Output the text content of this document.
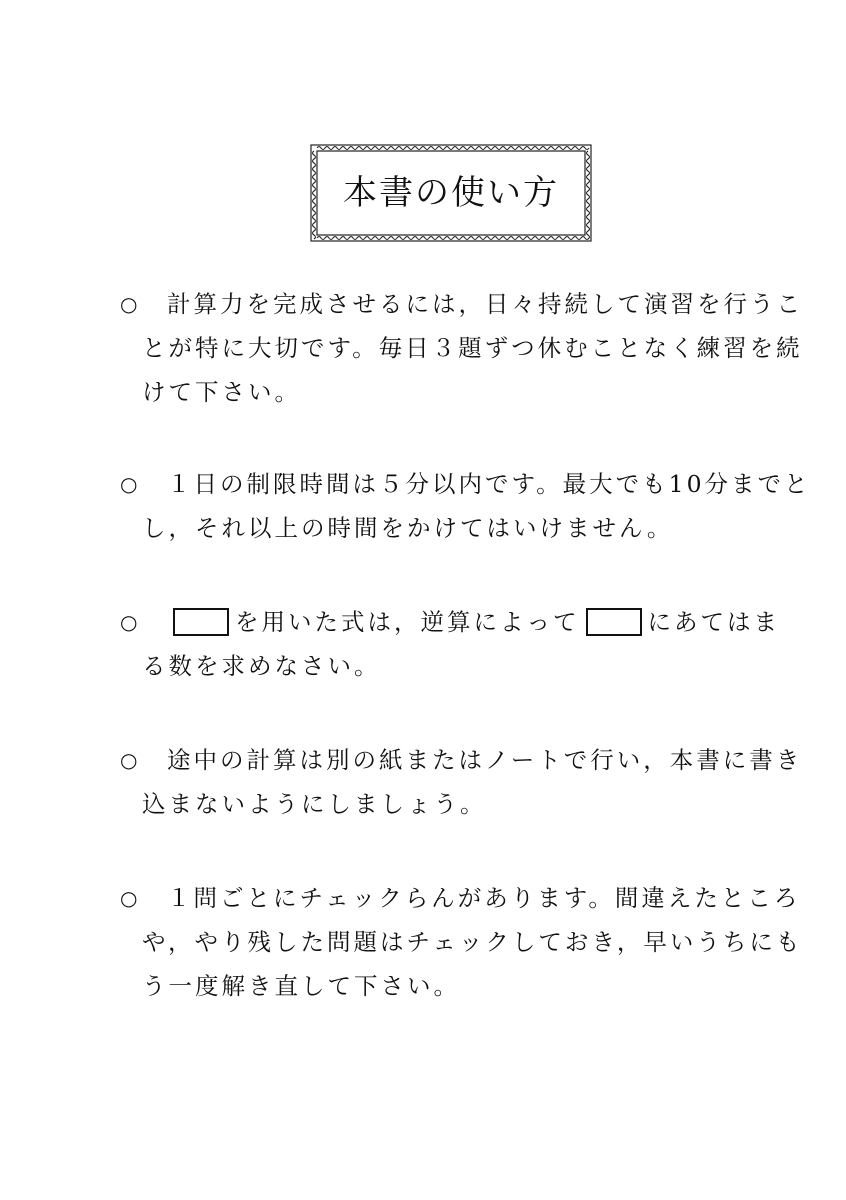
本書の使い方
○ 計算力を完成させるには，日々持続して演習を行うこ
とが特に大切です。毎日３題ずつ休むことなく練習を続
けて下さい。
○ １日の制限時間は５分以内です。最大でも10分までと
し，それ以上の時間をかけてはいけません。
○	を用いた式は，逆算によって	にあてはま
る数を求めなさい。
○ 途中の計算は別の紙またはノートで行い，本書に書き
込まないようにしましょう。
○ １問ごとにチェックらんがあります。間違えたところ
や，やり残した問題はチェックしておき，早いうちにも
う一度解き直して下さい。
